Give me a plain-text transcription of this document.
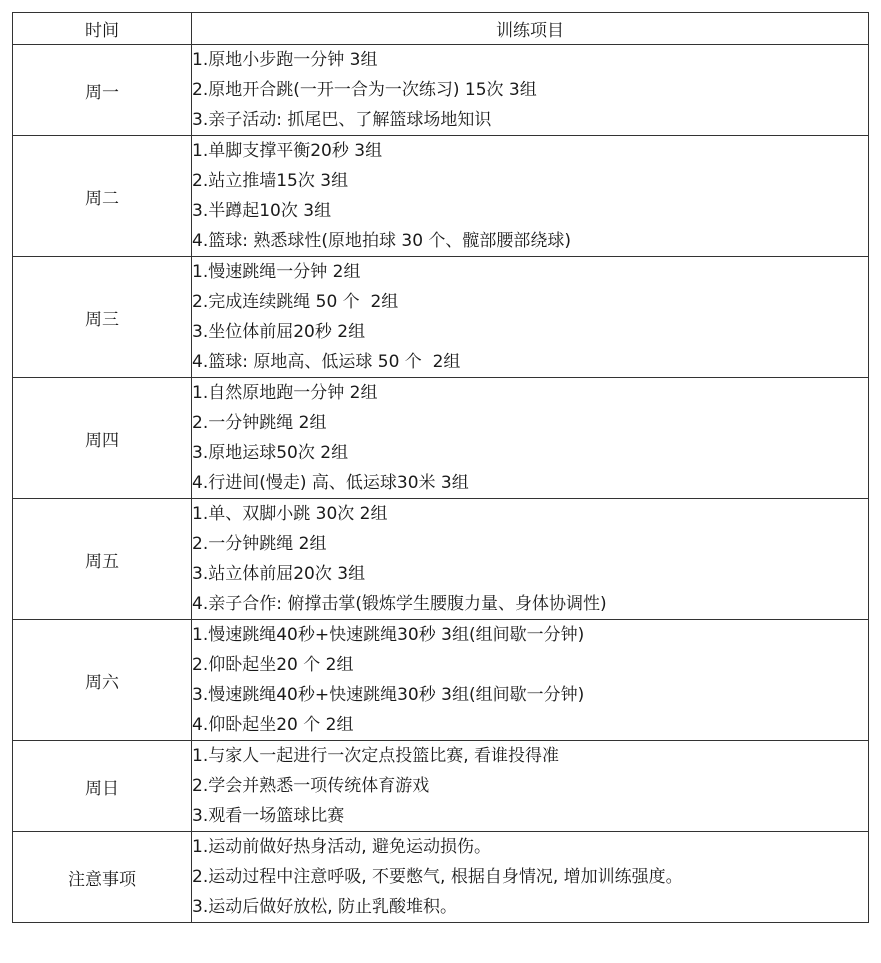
时间	训练项目
周一	1.原地小步跑一分钟 3组
2.原地开合跳(一开一合为一次练习) 15次 3组
3.亲子活动: 抓尾巴、了解篮球场地知识

周二	1.单脚支撑平衡20秒 3组
2.站立推墙15次 3组
3.半蹲起10次 3组
4.篮球: 熟悉球性(原地拍球 30 个、髋部腰部绕球)

周三	1.慢速跳绳一分钟 2组
2.完成连续跳绳 50 个  2组
3.坐位体前屈20秒 2组
4.篮球: 原地高、低运球 50 个  2组

周四	1.自然原地跑一分钟 2组
2.一分钟跳绳 2组
3.原地运球50次 2组
4.行进间(慢走) 高、低运球30米 3组

周五	1.单、双脚小跳 30次 2组
2.一分钟跳绳 2组
3.站立体前屈20次 3组
4.亲子合作: 俯撑击掌(锻炼学生腰腹力量、身体协调性)

周六	1.慢速跳绳40秒+快速跳绳30秒 3组(组间歇一分钟)
2.仰卧起坐20 个 2组
3.慢速跳绳40秒+快速跳绳30秒 3组(组间歇一分钟)
4.仰卧起坐20 个 2组

周日	1.与家人一起进行一次定点投篮比赛, 看谁投得准
2.学会并熟悉一项传统体育游戏
3.观看一场篮球比赛

注意事项	1.运动前做好热身活动, 避免运动损伤。
2.运动过程中注意呼吸, 不要憋气, 根据自身情况, 增加训练强度。
3.运动后做好放松, 防止乳酸堆积。
